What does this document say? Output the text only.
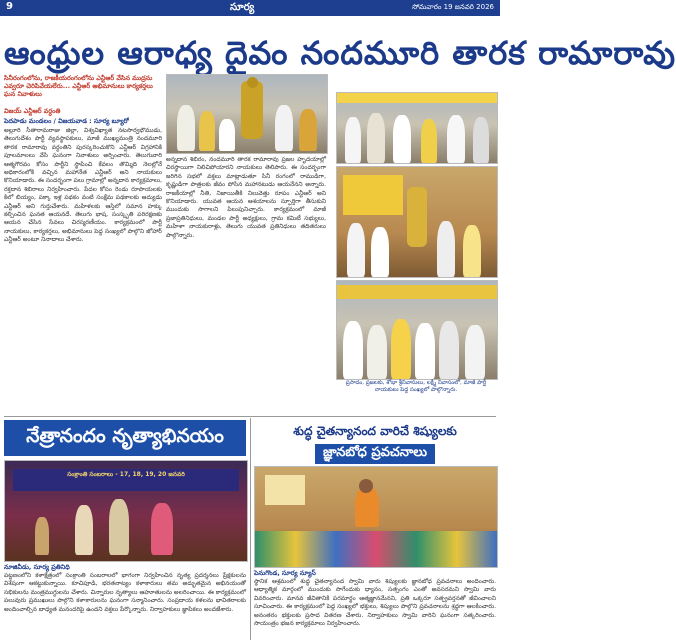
9	సూర్య	సోమవారం 19 జనవరి 2026
ఆంధ్రుల ఆరాధ్య దైవం నందమూరి తారక రామారావు
సినీరంగంలోను, రాజకీయరంగంలోను ఎన్టీఆర్ వేసిన ముద్రను ఎవ్వరూ చెరిపివేయలేరు... ఎన్టీఆర్ అభిమానులు కార్యకర్తలు ఘన నివాళులు
విజయ్ ఎన్టీఆర్ వర్ధంతి
పెదపాడు మండలం / విజయవాడ : సూర్య బ్యూరో
అల్లూరి సీతారామరాజు జిల్లా, విశ్వవిఖ్యాత నటసార్వభౌముడు, తెలుగుదేశం పార్టీ వ్యవస్థాపకులు, మాజీ ముఖ్యమంత్రి నందమూరి తారక రామారావు వర్ధంతిని పురస్కరించుకొని ఎన్టీఆర్ విగ్రహానికి పూలమాలలు వేసి ఘనంగా నివాళులు అర్పించారు. తెలుగువారి ఆత్మగౌరవం కోసం పార్టీని స్థాపించి కేవలం తొమ్మిది నెలల్లోనే అధికారంలోకి వచ్చిన మహానేత ఎన్టీఆర్ అని నాయకులు కొనియాడారు. ఈ సందర్భంగా పలు గ్రామాల్లో అన్నదాన కార్యక్రమాలు, రక్తదాన శిబిరాలు నిర్వహించారు. పేదల కోసం రెండు రూపాయలకు కిలో బియ్యం, పక్కా ఇళ్ల పథకం వంటి సంక్షేమ పథకాలకు ఆద్యుడు ఎన్టీఆర్ అని గుర్తుచేశారు. మహిళలకు ఆస్తిలో సమాన హక్కు కల్పించిన ఘనత ఆయనదే. తెలుగు భాష, సంస్కృతి పరిరక్షణకు ఆయన చేసిన సేవలు చిరస్మరణీయం. కార్యక్రమంలో పార్టీ నాయకులు, కార్యకర్తలు, అభిమానులు పెద్ద సంఖ్యలో పాల్గొని జోహార్ ఎన్టీఆర్ అంటూ నినాదాలు చేశారు.
అన్నదాన శిబిరం, నందమూరి తారక రామారావు ప్రజల హృదయాల్లో చిరస్థాయిగా నిలిచిపోయారని నాయకులు తెలిపారు. ఈ సందర్భంగా జరిగిన సభలో వక్తలు మాట్లాడుతూ సినీ రంగంలో రాముడిగా, కృష్ణుడిగా పాత్రలకు జీవం పోసిన మహానటుడు ఆయనేనని అన్నారు. రాజకీయాల్లో నీతి, నిజాయితీకి నిలువెత్తు రూపం ఎన్టీఆర్ అని కొనియాడారు. యువత ఆయన ఆశయాలను స్ఫూర్తిగా తీసుకుని ముందుకు సాగాలని పిలుపునిచ్చారు. కార్యక్రమంలో మాజీ ప్రజాప్రతినిధులు, మండల పార్టీ అధ్యక్షులు, గ్రామ కమిటీ సభ్యులు, మహిళా నాయకురాళ్లు, తెలుగు యువత ప్రతినిధులు తదితరులు పాల్గొన్నారు.
ప్రసాదం, ప్రజలకు, శోభా శ్రీనివాసులు, లక్ష్మీ నివాసంలో, మాజీ పార్టీ నాయకులు పెద్ద సంఖ్యలో పాల్గొన్నారు.
నేత్రానందం నృత్యాభినయం
సంక్రాంతి సంబరాలు - 17, 18, 19, 20 జనవరి
నూజివీడు, సూర్య ప్రతినిధి
పట్టణంలోని కళాక్షేత్రంలో సంక్రాంతి సంబరాలలో భాగంగా నిర్వహించిన నృత్య ప్రదర్శనలు ప్రేక్షకులను విశేషంగా ఆకట్టుకున్నాయి. కూచిపూడి, భరతనాట్యం కళాకారులు తమ అద్భుతమైన అభినయంతో సభికులను మంత్రముగ్ధులను చేశారు. చిన్నారుల నృత్యాలు ఆహూతులను అలరించాయి. ఈ కార్యక్రమంలో పలువురు ప్రముఖులు పాల్గొని కళాకారులను ఘనంగా సన్మానించారు. సంప్రదాయ కళలను భావితరాలకు అందించాల్సిన బాధ్యత మనందరిపై ఉందని వక్తలు పేర్కొన్నారు. నిర్వాహకులు జ్ఞాపికలు అందజేశారు.
శుద్ధ చైతన్యానంద వారిచే శిష్యులకు
జ్ఞానబోధ ప్రవచనాలు
పెనుగొండ, సూర్య న్యూస్
స్థానిక ఆశ్రమంలో శుద్ధ చైతన్యానంద స్వామి వారు శిష్యులకు జ్ఞానబోధ ప్రవచనాలు అందించారు. ఆధ్యాత్మిక మార్గంలో ముందుకు సాగేందుకు ధ్యానం, సత్సంగం ఎంతో అవసరమని స్వామి వారు వివరించారు. మానవ జీవితానికి పరమార్థం ఆత్మజ్ఞానమేనని, ప్రతి ఒక్కరూ సత్ప్రవర్తనతో జీవించాలని సూచించారు. ఈ కార్యక్రమంలో పెద్ద సంఖ్యలో భక్తులు, శిష్యులు పాల్గొని ప్రవచనాలను శ్రద్ధగా ఆలకించారు. అనంతరం భక్తులకు ప్రసాద వితరణ చేశారు. నిర్వాహకులు స్వామి వారిని ఘనంగా సత్కరించారు. సాయంత్రం భజన కార్యక్రమాలు నిర్వహించారు.
